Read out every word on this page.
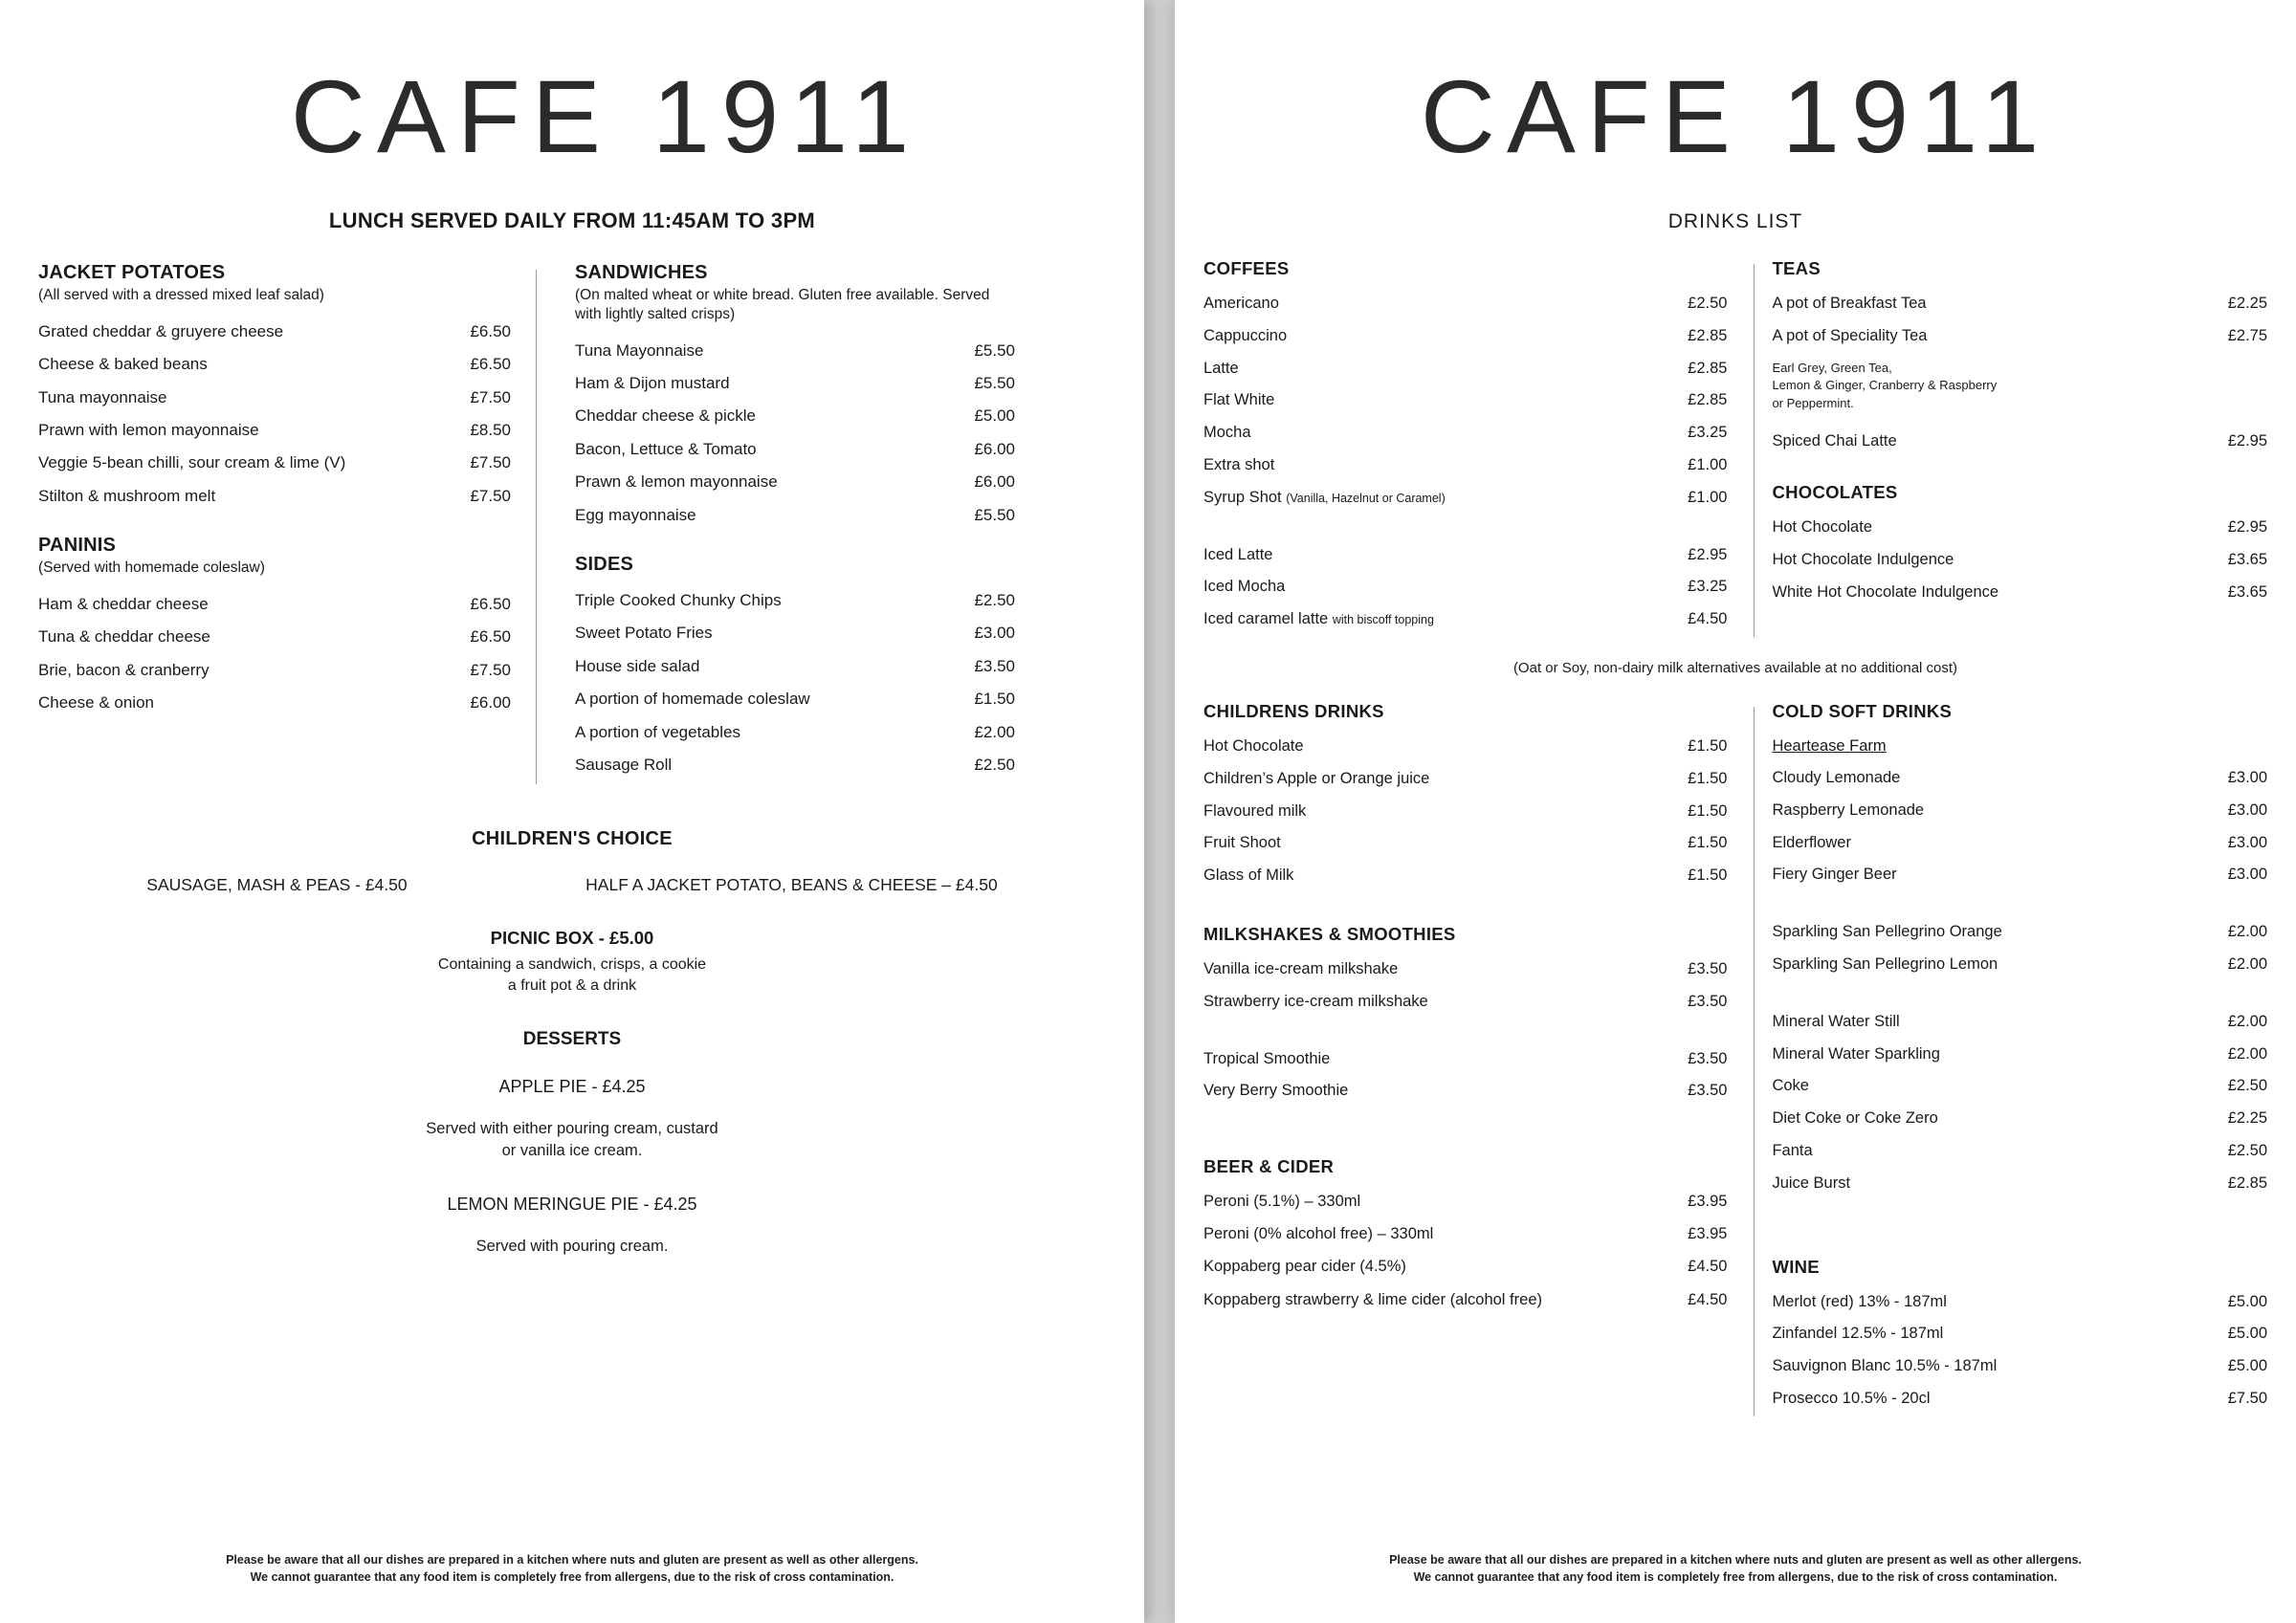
CAFE 1911
LUNCH SERVED DAILY FROM 11:45AM TO 3PM
JACKET POTATOES
(All served with a dressed mixed leaf salad)
Grated cheddar & gruyere cheese	£6.50
Cheese & baked beans	£6.50
Tuna mayonnaise	£7.50
Prawn with lemon mayonnaise	£8.50
Veggie 5-bean chilli, sour cream & lime (V)	£7.50
Stilton & mushroom melt	£7.50
PANINIS
(Served with homemade coleslaw)
Ham & cheddar cheese	£6.50
Tuna & cheddar cheese	£6.50
Brie, bacon & cranberry	£7.50
Cheese & onion	£6.00
SANDWICHES
(On malted wheat or white bread. Gluten free available. Served with lightly salted crisps)
Tuna Mayonnaise	£5.50
Ham & Dijon mustard	£5.50
Cheddar cheese & pickle	£5.00
Bacon, Lettuce & Tomato	£6.00
Prawn & lemon mayonnaise	£6.00
Egg mayonnaise	£5.50
SIDES
Triple Cooked Chunky Chips	£2.50
Sweet Potato Fries	£3.00
House side salad	£3.50
A portion of homemade coleslaw	£1.50
A portion of vegetables	£2.00
Sausage Roll	£2.50
CHILDREN'S CHOICE
SAUSAGE, MASH & PEAS - £4.50	HALF A JACKET POTATO, BEANS & CHEESE – £4.50
PICNIC BOX - £5.00
Containing a sandwich, crisps, a cookie
a fruit pot & a drink
DESSERTS
APPLE PIE - £4.25
Served with either pouring cream, custard
or vanilla ice cream.
LEMON MERINGUE PIE - £4.25
Served with pouring cream.
Please be aware that all our dishes are prepared in a kitchen where nuts and gluten are present as well as other allergens.
We cannot guarantee that any food item is completely free from allergens, due to the risk of cross contamination.
CAFE 1911
DRINKS LIST
COFFEES
Americano	£2.50
Cappuccino	£2.85
Latte	£2.85
Flat White	£2.85
Mocha	£3.25
Extra shot	£1.00
Syrup Shot (Vanilla, Hazelnut or Caramel)	£1.00
Iced Latte	£2.95
Iced Mocha	£3.25
Iced caramel latte with biscoff topping	£4.50
TEAS
A pot of Breakfast Tea	£2.25
A pot of Speciality Tea	£2.75
Earl Grey, Green Tea,
Lemon & Ginger, Cranberry & Raspberry
or Peppermint.
Spiced Chai Latte	£2.95
CHOCOLATES
Hot Chocolate	£2.95
Hot Chocolate Indulgence	£3.65
White Hot Chocolate Indulgence	£3.65
(Oat or Soy, non-dairy milk alternatives available at no additional cost)
CHILDRENS DRINKS
Hot Chocolate	£1.50
Children’s Apple or Orange juice	£1.50
Flavoured milk	£1.50
Fruit Shoot	£1.50
Glass of Milk	£1.50
MILKSHAKES & SMOOTHIES
Vanilla ice-cream milkshake	£3.50
Strawberry ice-cream milkshake	£3.50
Tropical Smoothie	£3.50
Very Berry Smoothie	£3.50
BEER & CIDER
Peroni (5.1%) – 330ml	£3.95
Peroni (0% alcohol free) – 330ml	£3.95
Koppaberg pear cider (4.5%)	£4.50
Koppaberg strawberry & lime cider (alcohol free)	£4.50
COLD SOFT DRINKS
Heartease Farm
Cloudy Lemonade	£3.00
Raspberry Lemonade	£3.00
Elderflower	£3.00
Fiery Ginger Beer	£3.00
Sparkling San Pellegrino Orange	£2.00
Sparkling San Pellegrino Lemon	£2.00
Mineral Water Still	£2.00
Mineral Water Sparkling	£2.00
Coke	£2.50
Diet Coke or Coke Zero	£2.25
Fanta	£2.50
Juice Burst	£2.85
WINE
Merlot (red) 13% - 187ml	£5.00
Zinfandel 12.5% - 187ml	£5.00
Sauvignon Blanc 10.5% - 187ml	£5.00
Prosecco 10.5% - 20cl	£7.50
Please be aware that all our dishes are prepared in a kitchen where nuts and gluten are present as well as other allergens.
We cannot guarantee that any food item is completely free from allergens, due to the risk of cross contamination.
